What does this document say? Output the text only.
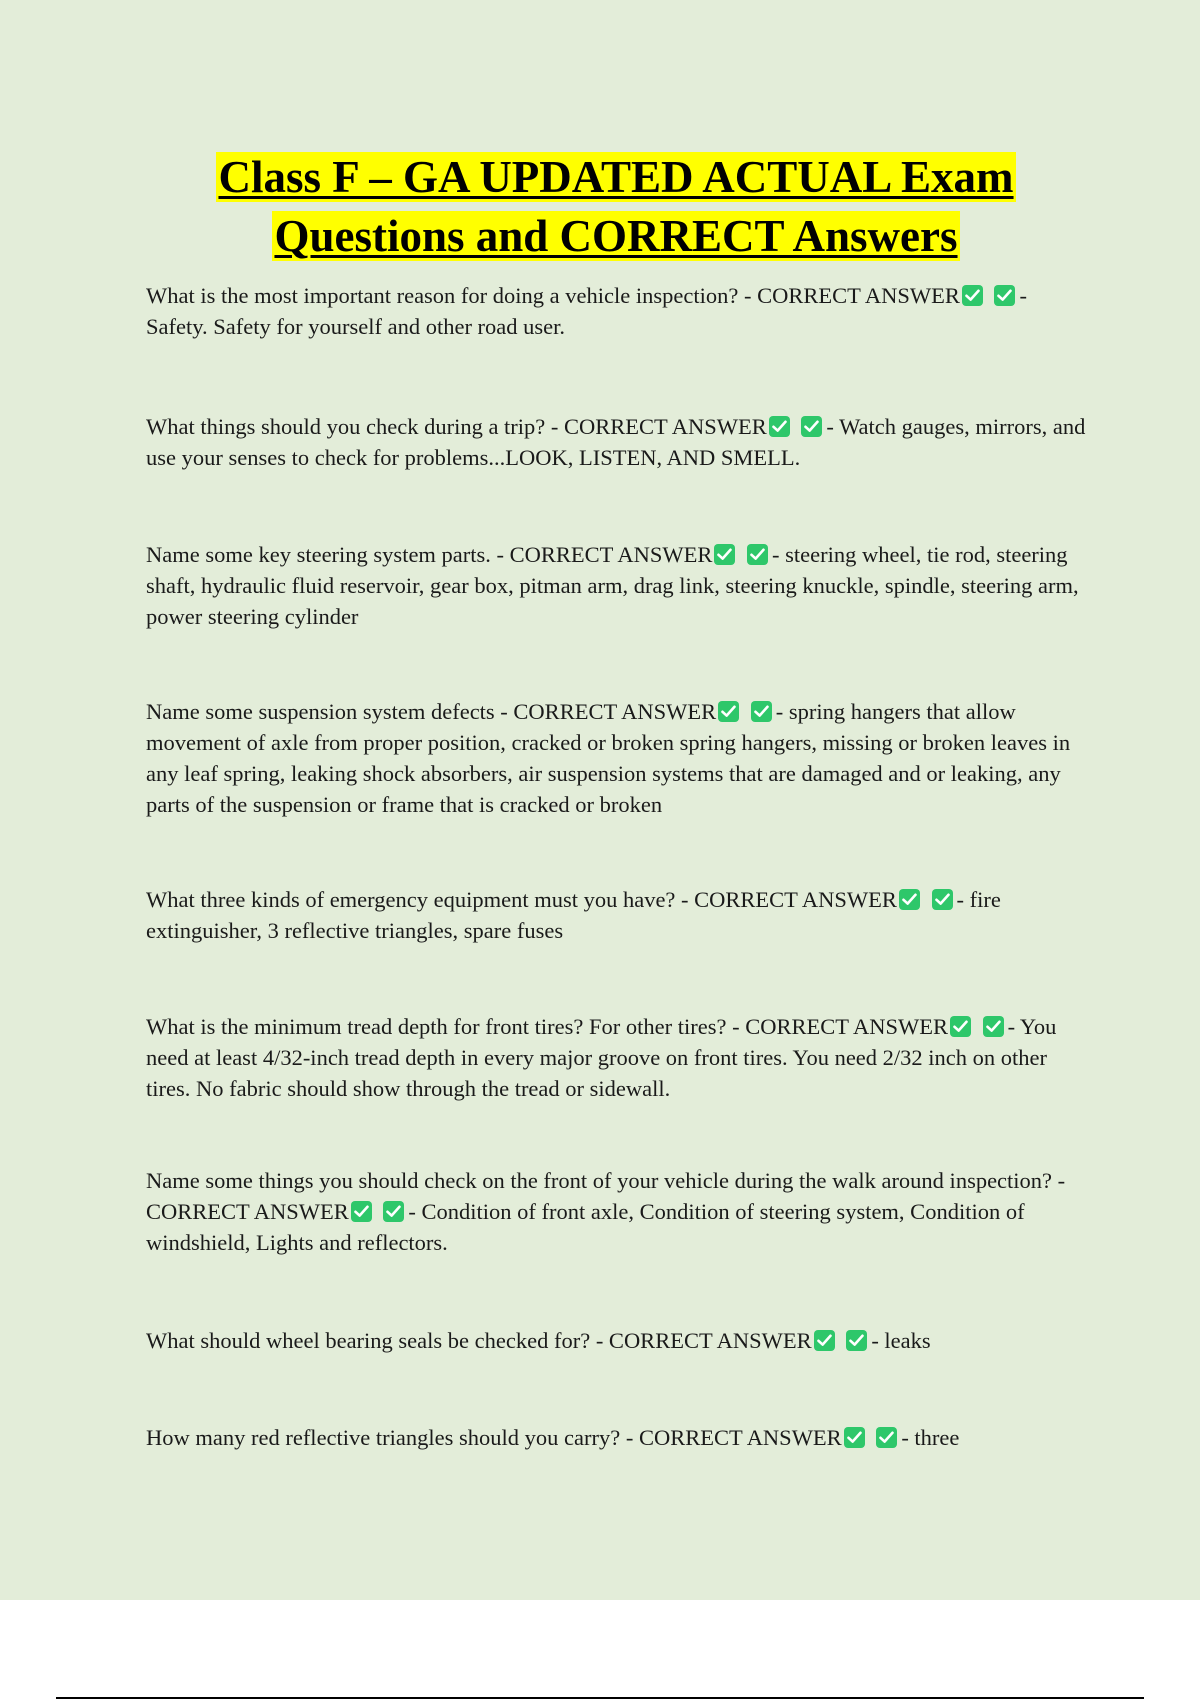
Class F – GA UPDATED ACTUAL Exam
Questions and CORRECT Answers

What is the most important reason for doing a vehicle inspection? - CORRECT ANSWER
	- Safety. Safety for yourself and other road user.

What things should you check during a trip? - CORRECT ANSWER
	- Watch gauges, mirrors, and use your senses to check for problems...LOOK, LISTEN, AND SMELL.

Name some key steering system parts. - CORRECT ANSWER
	- steering wheel, tie rod, steering shaft, hydraulic fluid reservoir, gear box, pitman arm, drag link, steering knuckle, spindle, steering arm, power steering cylinder

Name some suspension system defects - CORRECT ANSWER
	- spring hangers that allow movement of axle from proper position, cracked or broken spring hangers, missing or broken leaves in any leaf spring, leaking shock absorbers, air suspension systems that are damaged and or leaking, any parts of the suspension or frame that is cracked or broken

What three kinds of emergency equipment must you have? - CORRECT ANSWER
	- fire extinguisher, 3 reflective triangles, spare fuses

What is the minimum tread depth for front tires? For other tires? - CORRECT ANSWER
	- You need at least 4/32-inch tread depth in every major groove on front tires. You need 2/32 inch on other tires. No fabric should show through the tread or sidewall.

Name some things you should check on the front of your vehicle during the walk around inspection? - CORRECT ANSWER
	- Condition of front axle, Condition of steering system, Condition of windshield, Lights and reflectors.

What should wheel bearing seals be checked for? - CORRECT ANSWER
	- leaks

How many red reflective triangles should you carry? - CORRECT ANSWER
	- three
